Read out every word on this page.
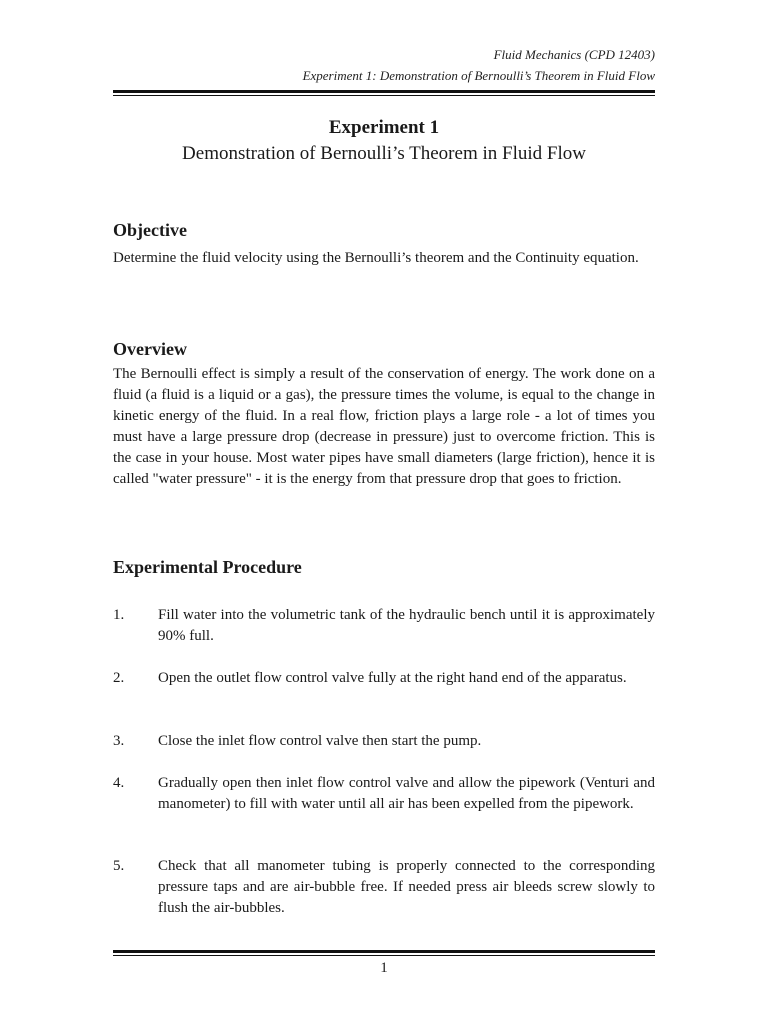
Fluid Mechanics (CPD 12403)
Experiment 1: Demonstration of Bernoulli’s Theorem in Fluid Flow
Experiment 1
Demonstration of Bernoulli’s Theorem in Fluid Flow
Objective
Determine the fluid velocity using the Bernoulli’s theorem and the Continuity equation.
Overview
The Bernoulli effect is simply a result of the conservation of energy. The work done on a fluid (a fluid is a liquid or a gas), the pressure times the volume, is equal to the change in kinetic energy of the fluid. In a real flow, friction plays a large role - a lot of times you must have a large pressure drop (decrease in pressure) just to overcome friction. This is the case in your house. Most water pipes have small diameters (large friction), hence it is called "water pressure" - it is the energy from that pressure drop that goes to friction.
Experimental Procedure
1.	Fill water into the volumetric tank of the hydraulic bench until it is approximately 90% full.
2.	Open the outlet flow control valve fully at the right hand end of the apparatus.
3.	Close the inlet flow control valve then start the pump.
4.	Gradually open then inlet flow control valve and allow the pipework (Venturi and manometer) to fill with water until all air has been expelled from the pipework.
5.	Check that all manometer tubing is properly connected to the corresponding pressure taps and are air-bubble free. If needed press air bleeds screw slowly to flush the air-bubbles.
1
